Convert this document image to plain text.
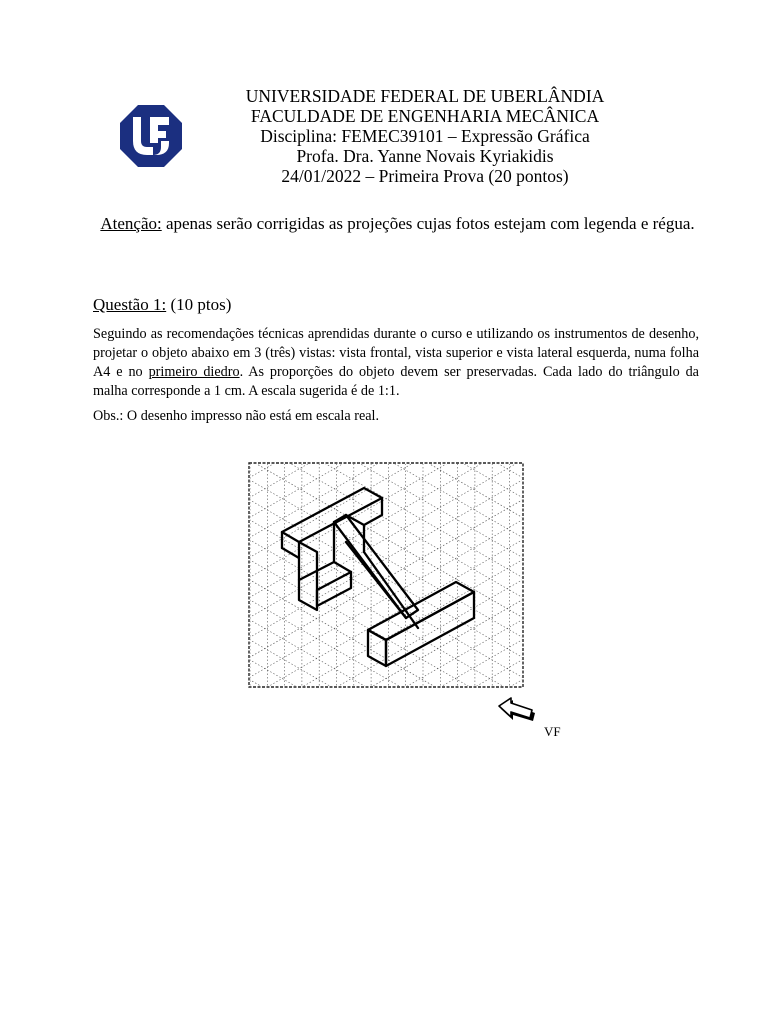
UNIVERSIDADE FEDERAL DE UBERLÂNDIA
FACULDADE DE ENGENHARIA MECÂNICA
Disciplina: FEMEC39101 – Expressão Gráfica
Profa. Dra. Yanne Novais Kyriakidis
24/01/2022 – Primeira Prova (20 pontos)
Atenção: apenas serão corrigidas as projeções cujas fotos estejam com legenda e régua.
Questão 1: (10 ptos)
Seguindo as recomendações técnicas aprendidas durante o curso e utilizando os instrumentos de desenho, projetar o objeto abaixo em 3 (três) vistas: vista frontal, vista superior e vista lateral esquerda, numa folha A4 e no primeiro diedro. As proporções do objeto devem ser preservadas. Cada lado do triângulo da malha corresponde a 1 cm. A escala sugerida é de 1:1.
Obs.: O desenho impresso não está em escala real.
VF
